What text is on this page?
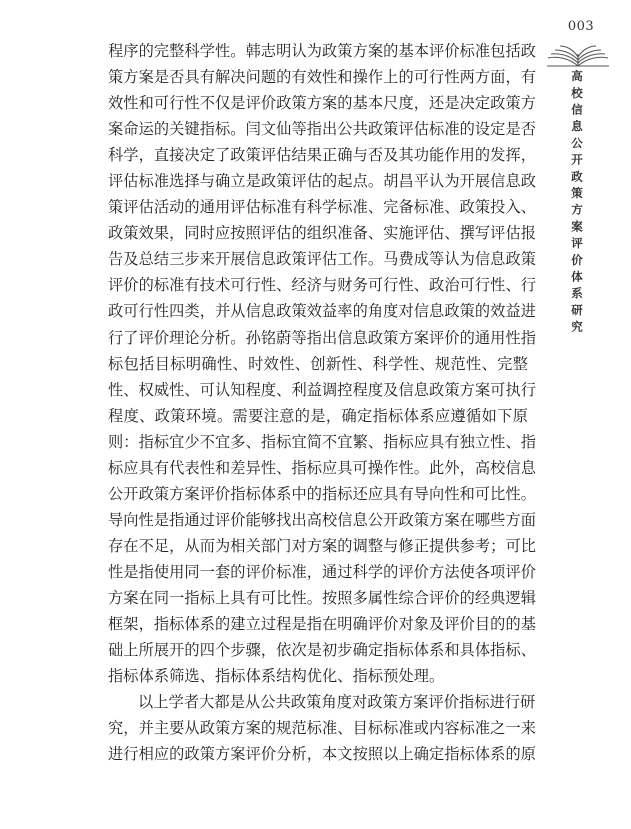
003
高校信息公开政策方案评价体系研究
程序的完整科学性。韩志明认为政策方案的基本评价标准包括政
策方案是否具有解决问题的有效性和操作上的可行性两方面，有
效性和可行性不仅是评价政策方案的基本尺度，还是决定政策方
案命运的关键指标。闫文仙等指出公共政策评估标准的设定是否
科学，直接决定了政策评估结果正确与否及其功能作用的发挥，
评估标准选择与确立是政策评估的起点。胡昌平认为开展信息政
策评估活动的通用评估标准有科学标准、完备标准、政策投入、
政策效果，同时应按照评估的组织准备、实施评估、撰写评估报
告及总结三步来开展信息政策评估工作。马费成等认为信息政策
评价的标准有技术可行性、经济与财务可行性、政治可行性、行
政可行性四类，并从信息政策效益率的角度对信息政策的效益进
行了评价理论分析。孙铭蔚等指出信息政策方案评价的通用性指
标包括目标明确性、时效性、创新性、科学性、规范性、完整
性、权威性、可认知程度、利益调控程度及信息政策方案可执行
程度、政策环境。需要注意的是，确定指标体系应遵循如下原
则：指标宜少不宜多、指标宜简不宜繁、指标应具有独立性、指
标应具有代表性和差异性、指标应具可操作性。此外，高校信息
公开政策方案评价指标体系中的指标还应具有导向性和可比性。
导向性是指通过评价能够找出高校信息公开政策方案在哪些方面
存在不足，从而为相关部门对方案的调整与修正提供参考；可比
性是指使用同一套的评价标准，通过科学的评价方法使各项评价
方案在同一指标上具有可比性。按照多属性综合评价的经典逻辑
框架，指标体系的建立过程是指在明确评价对象及评价目的的基
础上所展开的四个步骤，依次是初步确定指标体系和具体指标、
指标体系筛选、指标体系结构优化、指标预处理。
以上学者大都是从公共政策角度对政策方案评价指标进行研
究，并主要从政策方案的规范标准、目标标准或内容标准之一来
进行相应的政策方案评价分析，本文按照以上确定指标体系的原
